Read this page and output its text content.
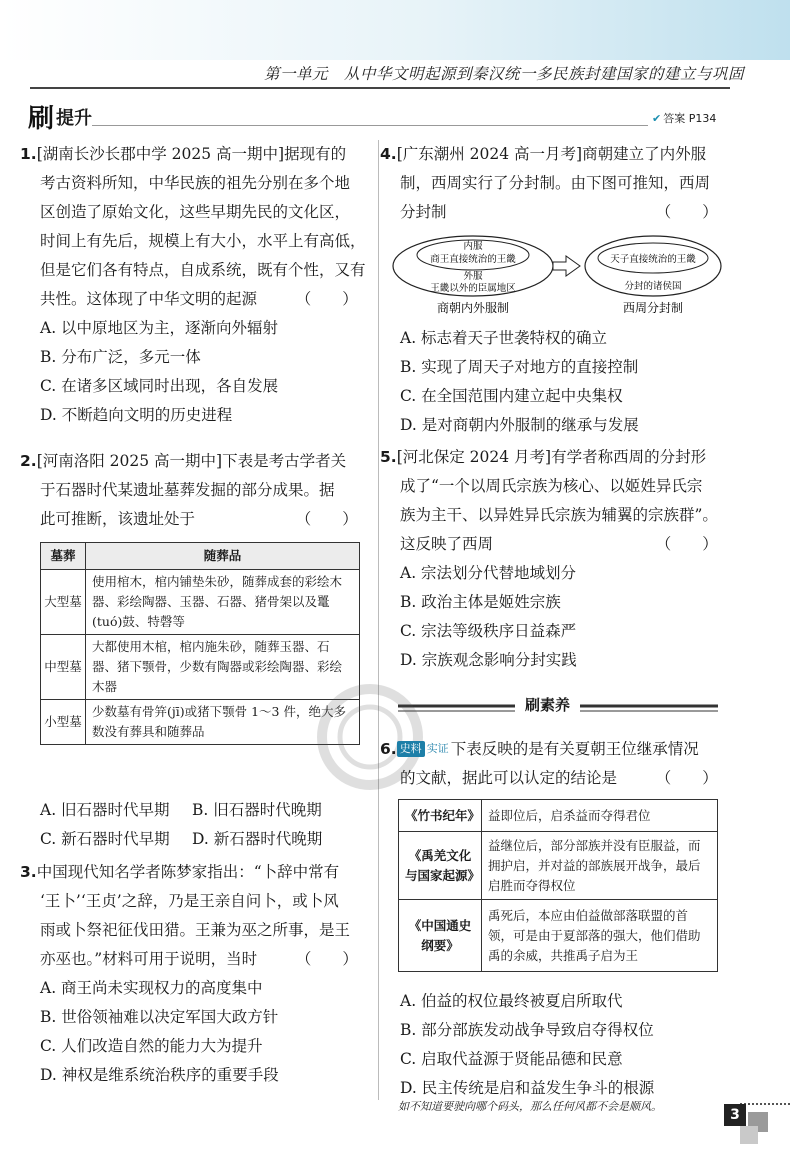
第一单元　从中华文明起源到秦汉统一多民族封建国家的建立与巩固
刷 提升	✔ 答案 P134
1.[湖南长沙长郡中学 2025 高一期中]据现有的
考古资料所知，中华民族的祖先分别在多个地
区创造了原始文化，这些早期先民的文化区，
时间上有先后，规模上有大小，水平上有高低，
但是它们各有特点，自成系统，既有个性，又有
共性。这体现了中华文明的起源　　　（　　）
A. 以中原地区为主，逐渐向外辐射
B. 分布广泛，多元一体
C. 在诸多区域同时出现，各自发展
D. 不断趋向文明的历史进程
2.[河南洛阳 2025 高一期中]下表是考古学者关
于石器时代某遗址墓葬发掘的部分成果。据
此可推断，该遗址处于　　　　　　　（　　）
墓葬	随葬品
大型墓	使用棺木，棺内铺垫朱砂，随葬成套的彩绘木器、彩绘陶器、玉器、石器、猪骨架以及鼍(tuó)鼓、特磬等
中型墓	大都使用木棺，棺内施朱砂，随葬玉器、石器、猪下颚骨，少数有陶器或彩绘陶器、彩绘木器
小型墓	少数墓有骨笄(jī)或猪下颚骨 1～3 件，绝大多数没有葬具和随葬品
A. 旧石器时代早期 B. 旧石器时代晚期
C. 新石器时代早期 D. 新石器时代晚期
3.中国现代知名学者陈梦家指出：“卜辞中常有
‘王卜’‘王贞’之辞，乃是王亲自问卜，或卜风
雨或卜祭祀征伐田猎。王兼为巫之所事，是王
亦巫也。”材料可用于说明，当时　　　（　　）
A. 商王尚未实现权力的高度集中
B. 世俗领袖难以决定军国大政方针
C. 人们改造自然的能力大为提升
D. 神权是维系统治秩序的重要手段
4.[广东潮州 2024 高一月考]商朝建立了内外服
制，西周实行了分封制。由下图可推知，西周
分封制　　　　　　　　　　　　　　（　　）
内服
商王直接统治的王畿
外服
王畿以外的臣属地区
商朝内外服制
天子直接统治的王畿
分封的诸侯国
西周分封制
A. 标志着天子世袭特权的确立
B. 实现了周天子对地方的直接控制
C. 在全国范围内建立起中央集权
D. 是对商朝内外服制的继承与发展
5.[河北保定 2024 月考]有学者称西周的分封形
成了“一个以周氏宗族为核心、以姬姓异氏宗
族为主干、以异姓异氏宗族为辅翼的宗族群”。
这反映了西周　　　　　　　　　　　（　　）
A. 宗法划分代替地域划分
B. 政治主体是姬姓宗族
C. 宗法等级秩序日益森严
D. 宗族观念影响分封实践
刷素养
6. 史料 实证 下表反映的是有关夏朝王位继承情况
的文献，据此可以认定的结论是　　　（　　）
《竹书纪年》	益即位后，启杀益而夺得君位
《禹羌文化与国家起源》	益继位后，部分部族并没有臣服益，而拥护启，并对益的部族展开战争，最后启胜而夺得权位
《中国通史纲要》	禹死后，本应由伯益做部落联盟的首领，可是由于夏部落的强大，他们借助禹的余威，共推禹子启为王
A. 伯益的权位最终被夏启所取代
B. 部分部族发动战争导致启夺得权位
C. 启取代益源于贤能品德和民意
D. 民主传统是启和益发生争斗的根源
如不知道要驶向哪个码头，那么任何风都不会是顺风。
3
